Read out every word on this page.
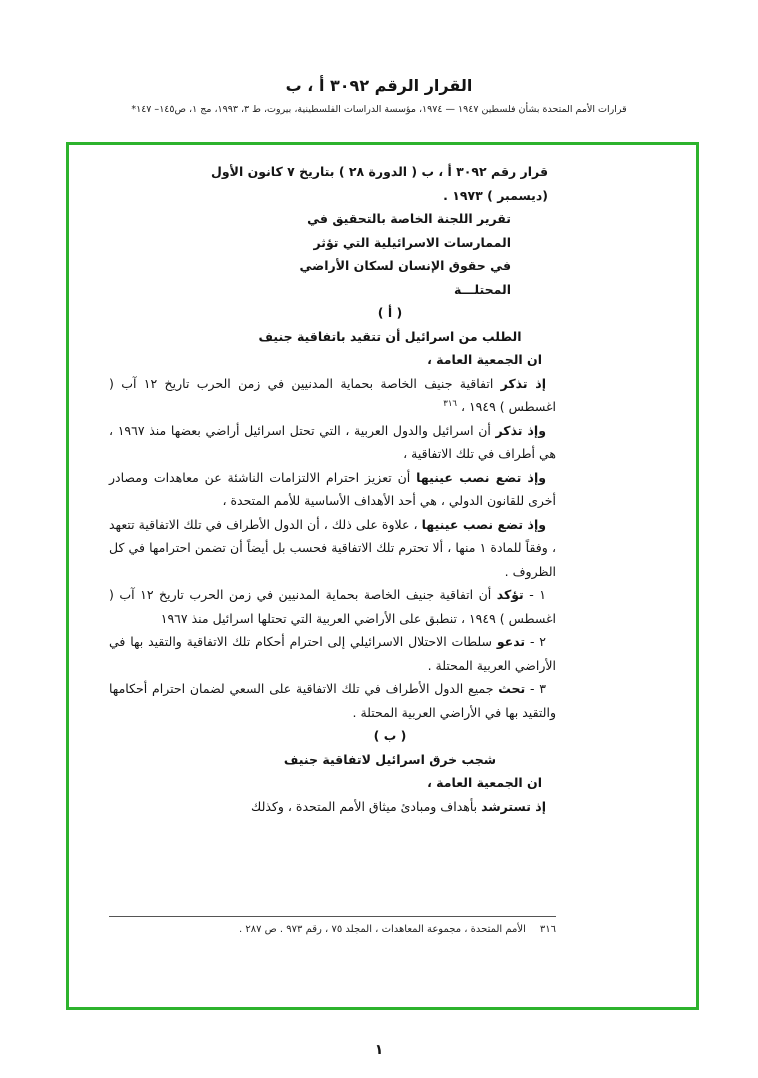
القرار الرقم ٣٠٩٢ أ ، ب
قرارات الأمم المتحدة بشأن فلسطين ١٩٤٧ — ١٩٧٤، مؤسسة الدراسات الفلسطينية، بيروت، ط ٣، ١٩٩٣، مج ١، ص١٤٥– ١٤٧*
قرار رقم ٣٠٩٢ أ ، ب ( الدورة ٢٨ ) بتاريخ ٧ كانون الأول
(ديسمبر ) ١٩٧٣ .
تقرير اللجنة الخاصة بالتحقيق في
الممارسات الاسرائيلية التي تؤثر
في حقوق الإنسان لسكان الأراضي
المحتلـــة

( أ )

الطلب من اسرائيل أن تتقيد باتفاقية جنيف

ان الجمعية العامة ،

إذ تذكر اتفاقية جنيف الخاصة بحماية المدنيين في زمن الحرب تاريخ ١٢ آب ( اغسطس ) ١٩٤٩ ، $^{٣١٦}$

وإذ تذكر أن اسرائيل والدول العربية ، التي تحتل اسرائيل أراضي بعضها منذ ١٩٦٧ ، هي أطراف في تلك الاتفاقية ،

وإذ تضع نصب عينيها أن تعزيز احترام الالتزامات الناشئة عن معاهدات ومصادر أخرى للقانون الدولي ، هي أحد الأهداف الأساسية للأمم المتحدة ،

وإذ تضع نصب عينيها ، علاوة على ذلك ، أن الدول الأطراف في تلك الاتفاقية تتعهد ، وفقاً للمادة ١ منها ، ألا تحترم تلك الاتفاقية فحسب بل أيضاً أن تضمن احترامها في كل الظروف .

١ - تؤكد أن اتفاقية جنيف الخاصة بحماية المدنيين في زمن الحرب تاريخ ١٢ آب ( اغسطس ) ١٩٤٩ ، تنطبق على الأراضي العربية التي تحتلها اسرائيل منذ ١٩٦٧

٢ - تدعو سلطات الاحتلال الاسرائيلي إلى احترام أحكام تلك الاتفاقية والتقيد بها في الأراضي العربية المحتلة .

٣ - تحث جميع الدول الأطراف في تلك الاتفاقية على السعي لضمان احترام أحكامها والتقيد بها في الأراضي العربية المحتلة .

( ب )

شجب خرق اسرائيل لاتفاقية جنيف

ان الجمعية العامة ،

إذ تسترشد بأهداف ومبادئ ميثاق الأمم المتحدة ، وكذلك

٣١٦الأمم المتحدة ، مجموعة المعاهدات ، المجلد ٧٥ ، رقم ٩٧٣ . ص ٢٨٧ .
١
